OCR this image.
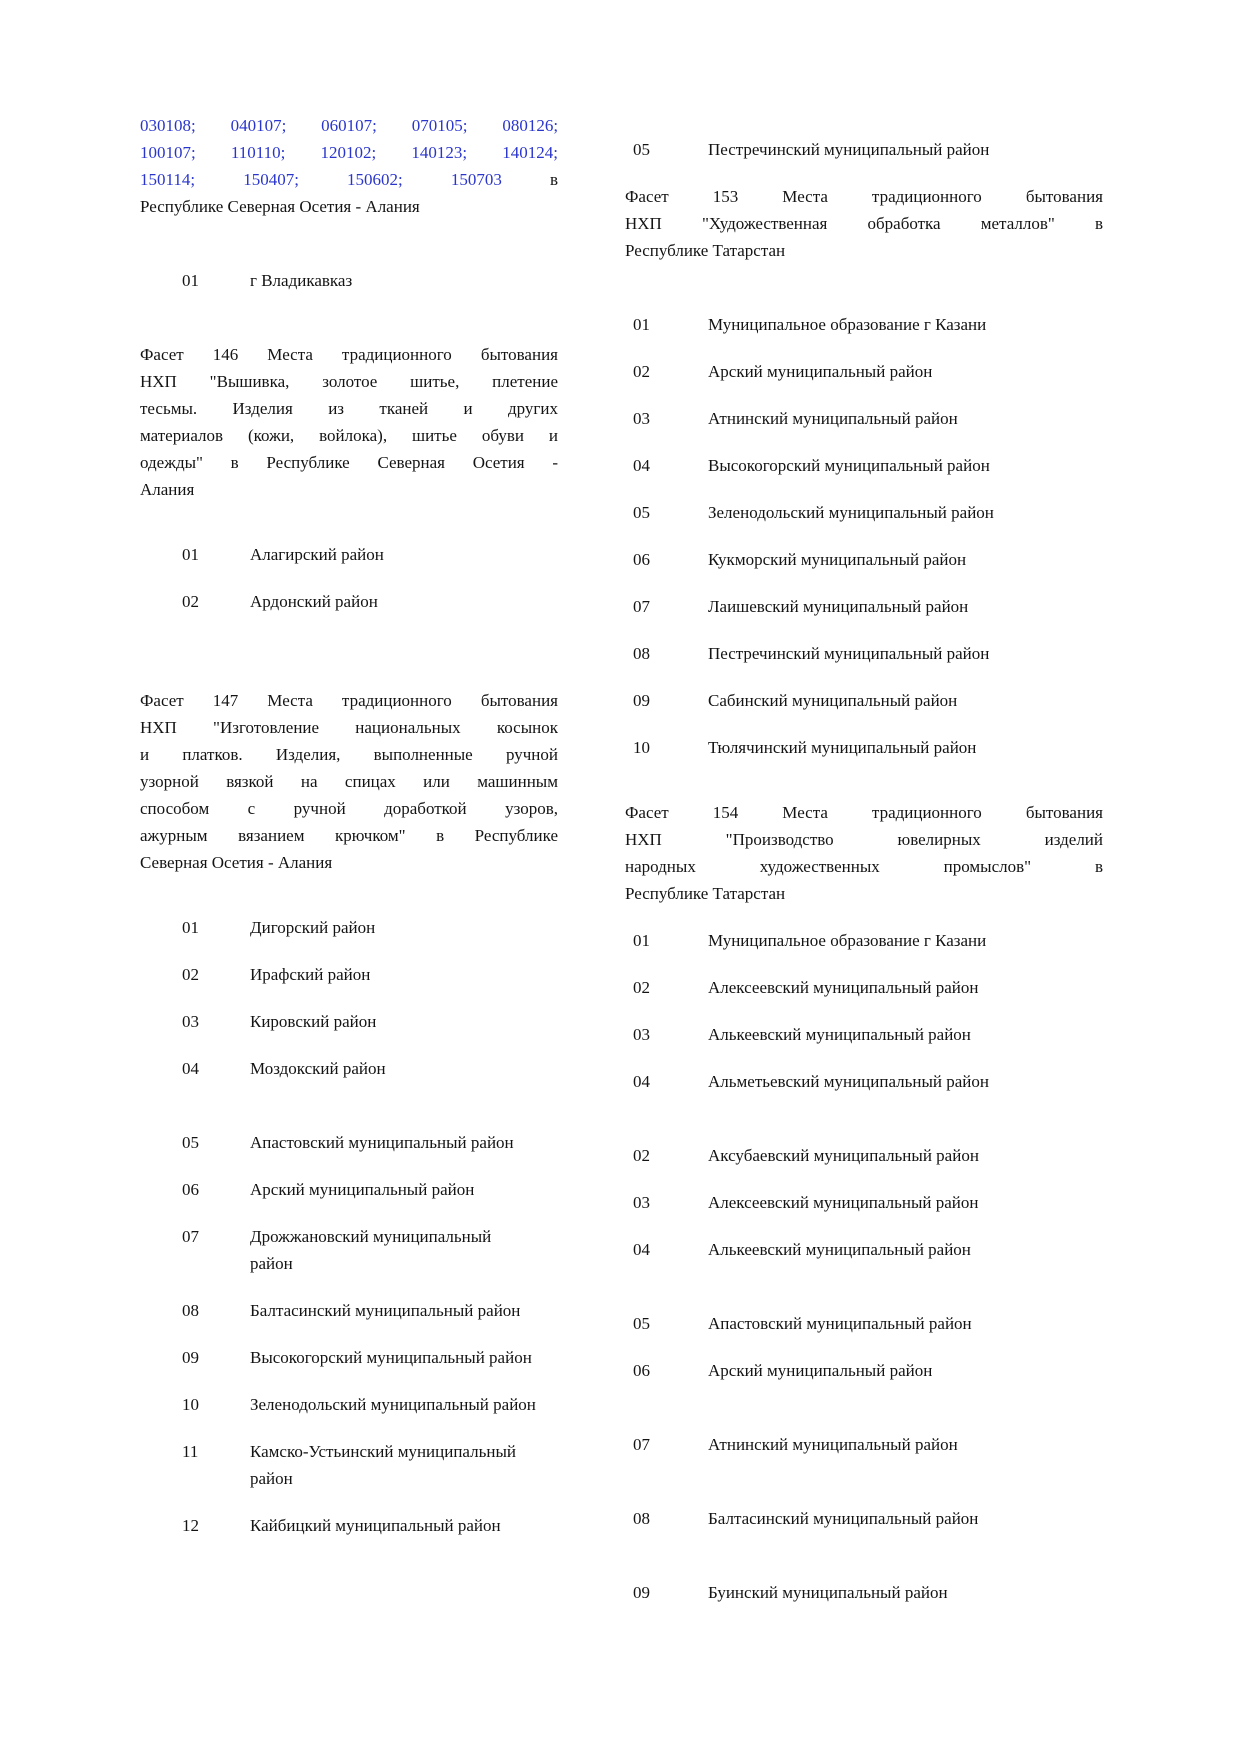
030108; 040107; 060107; 070105; 080126;
100107; 110110; 120102; 140123; 140124;
150114;	150407;	150602;	150703	в
Республике Северная Осетия - Алания
01	г Владикавказ
Фасет 146 Места традиционного бытования
НХП "Вышивка, золотое шитье, плетение
тесьмы. Изделия из тканей и других
материалов (кожи, войлока), шитье обуви и
одежды" в Республике Северная Осетия -
Алания
01	Алагирский район
02	Ардонский район
Фасет 147 Места традиционного бытования
НХП "Изготовление национальных косынок
и платков. Изделия, выполненные ручной
узорной вязкой на спицах или машинным
способом с ручной доработкой узоров,
ажурным вязанием крючком" в Республике
Северная Осетия - Алания
01	Дигорский район
02	Ирафский район
03	Кировский район
04	Моздокский район
05	Апастовский муниципальный район
06	Арский муниципальный район
07	Дрожжановский муниципальный район
08	Балтасинский муниципальный район
09	Высокогорский муниципальный район
10	Зеленодольский муниципальный район
11	Камско-Устьинский муниципальный район
12	Кайбицкий муниципальный район
05	Пестречинский муниципальный район
Фасет 153 Места традиционного бытования
НХП "Художественная обработка металлов" в
Республике Татарстан
01	Муниципальное образование г Казани
02	Арский муниципальный район
03	Атнинский муниципальный район
04	Высокогорский муниципальный район
05	Зеленодольский муниципальный район
06	Кукморский муниципальный район
07	Лаишевский муниципальный район
08	Пестречинский муниципальный район
09	Сабинский муниципальный район
10	Тюлячинский муниципальный район
Фасет 154 Места традиционного бытования
НХП "Производство ювелирных изделий
народных художественных промыслов" в
Республике Татарстан
01	Муниципальное образование г Казани
02	Алексеевский муниципальный район
03	Алькеевский муниципальный район
04	Альметьевский муниципальный район
02	Аксубаевский муниципальный район
03	Алексеевский муниципальный район
04	Алькеевский муниципальный район
05	Апастовский муниципальный район
06	Арский муниципальный район
07	Атнинский муниципальный район
08	Балтасинский муниципальный район
09	Буинский муниципальный район
